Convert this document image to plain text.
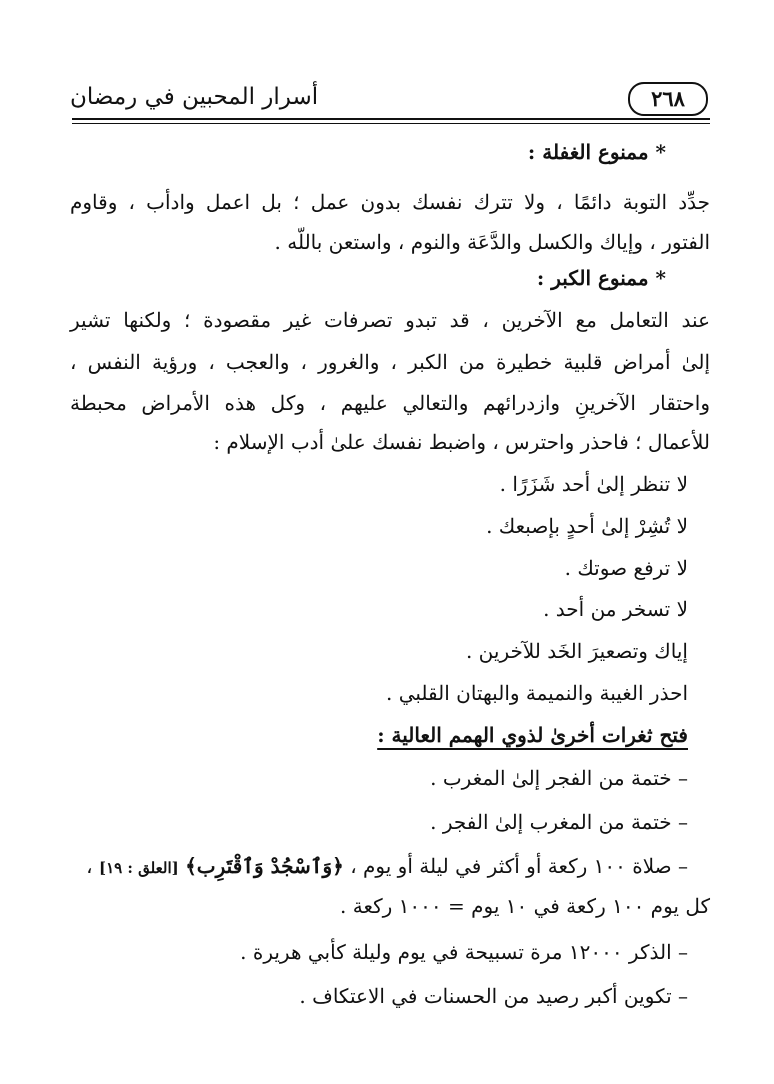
٢٦٨
أسرار المحبين في رمضان
* ممنوع الغفلة :
جدِّد التوبة دائمًا ، ولا تترك نفسك بدون عمل ؛ بل اعمل وادأب ، وقاوم
الفتور ، وإياك والكسل والدَّعَة والنوم ، واستعن باللّه .
* ممنوع الكبر :
عند التعامل مع الآخرين ، قد تبدو تصرفات غير مقصودة ؛ ولكنها تشير
إلىٰ أمراض قلبية خطيرة من الكبر ، والغرور ، والعجب ، ورؤية النفس ،
واحتقار الآخرينِ وازدرائهم والتعالي عليهم ، وكل هذه الأمراض محبطة
للأعمال ؛ فاحذر واحترس ، واضبط نفسك علىٰ أدب الإسلام :
لا تنظر إلىٰ أحد شَزَرًا .
لا تُشِرْ إلىٰ أحدٍ بإصبعك .
لا ترفع صوتك .
لا تسخر من أحد .
إياك وتصعيرَ الخَد للآخرين .
احذر الغيبة والنميمة والبهتان القلبي .
فتح ثغرات أخرىٰ لذوي الهمم العالية :
– ختمة من الفجر إلىٰ المغرب .
– ختمة من المغرب إلىٰ الفجر .
– صلاة ١٠٠ ركعة أو أكثر في ليلة أو يوم ، ﴿وَٱسْجُدْ وَٱقْتَرِب﴾ [العلق : ١٩] ،
كل يوم ١٠٠ ركعة في ١٠ يوم = ١٠٠٠ ركعة .
– الذكر ١٢٠٠٠ مرة تسبيحة في يوم وليلة كأبي هريرة .
– تكوين أكبر رصيد من الحسنات في الاعتكاف .
